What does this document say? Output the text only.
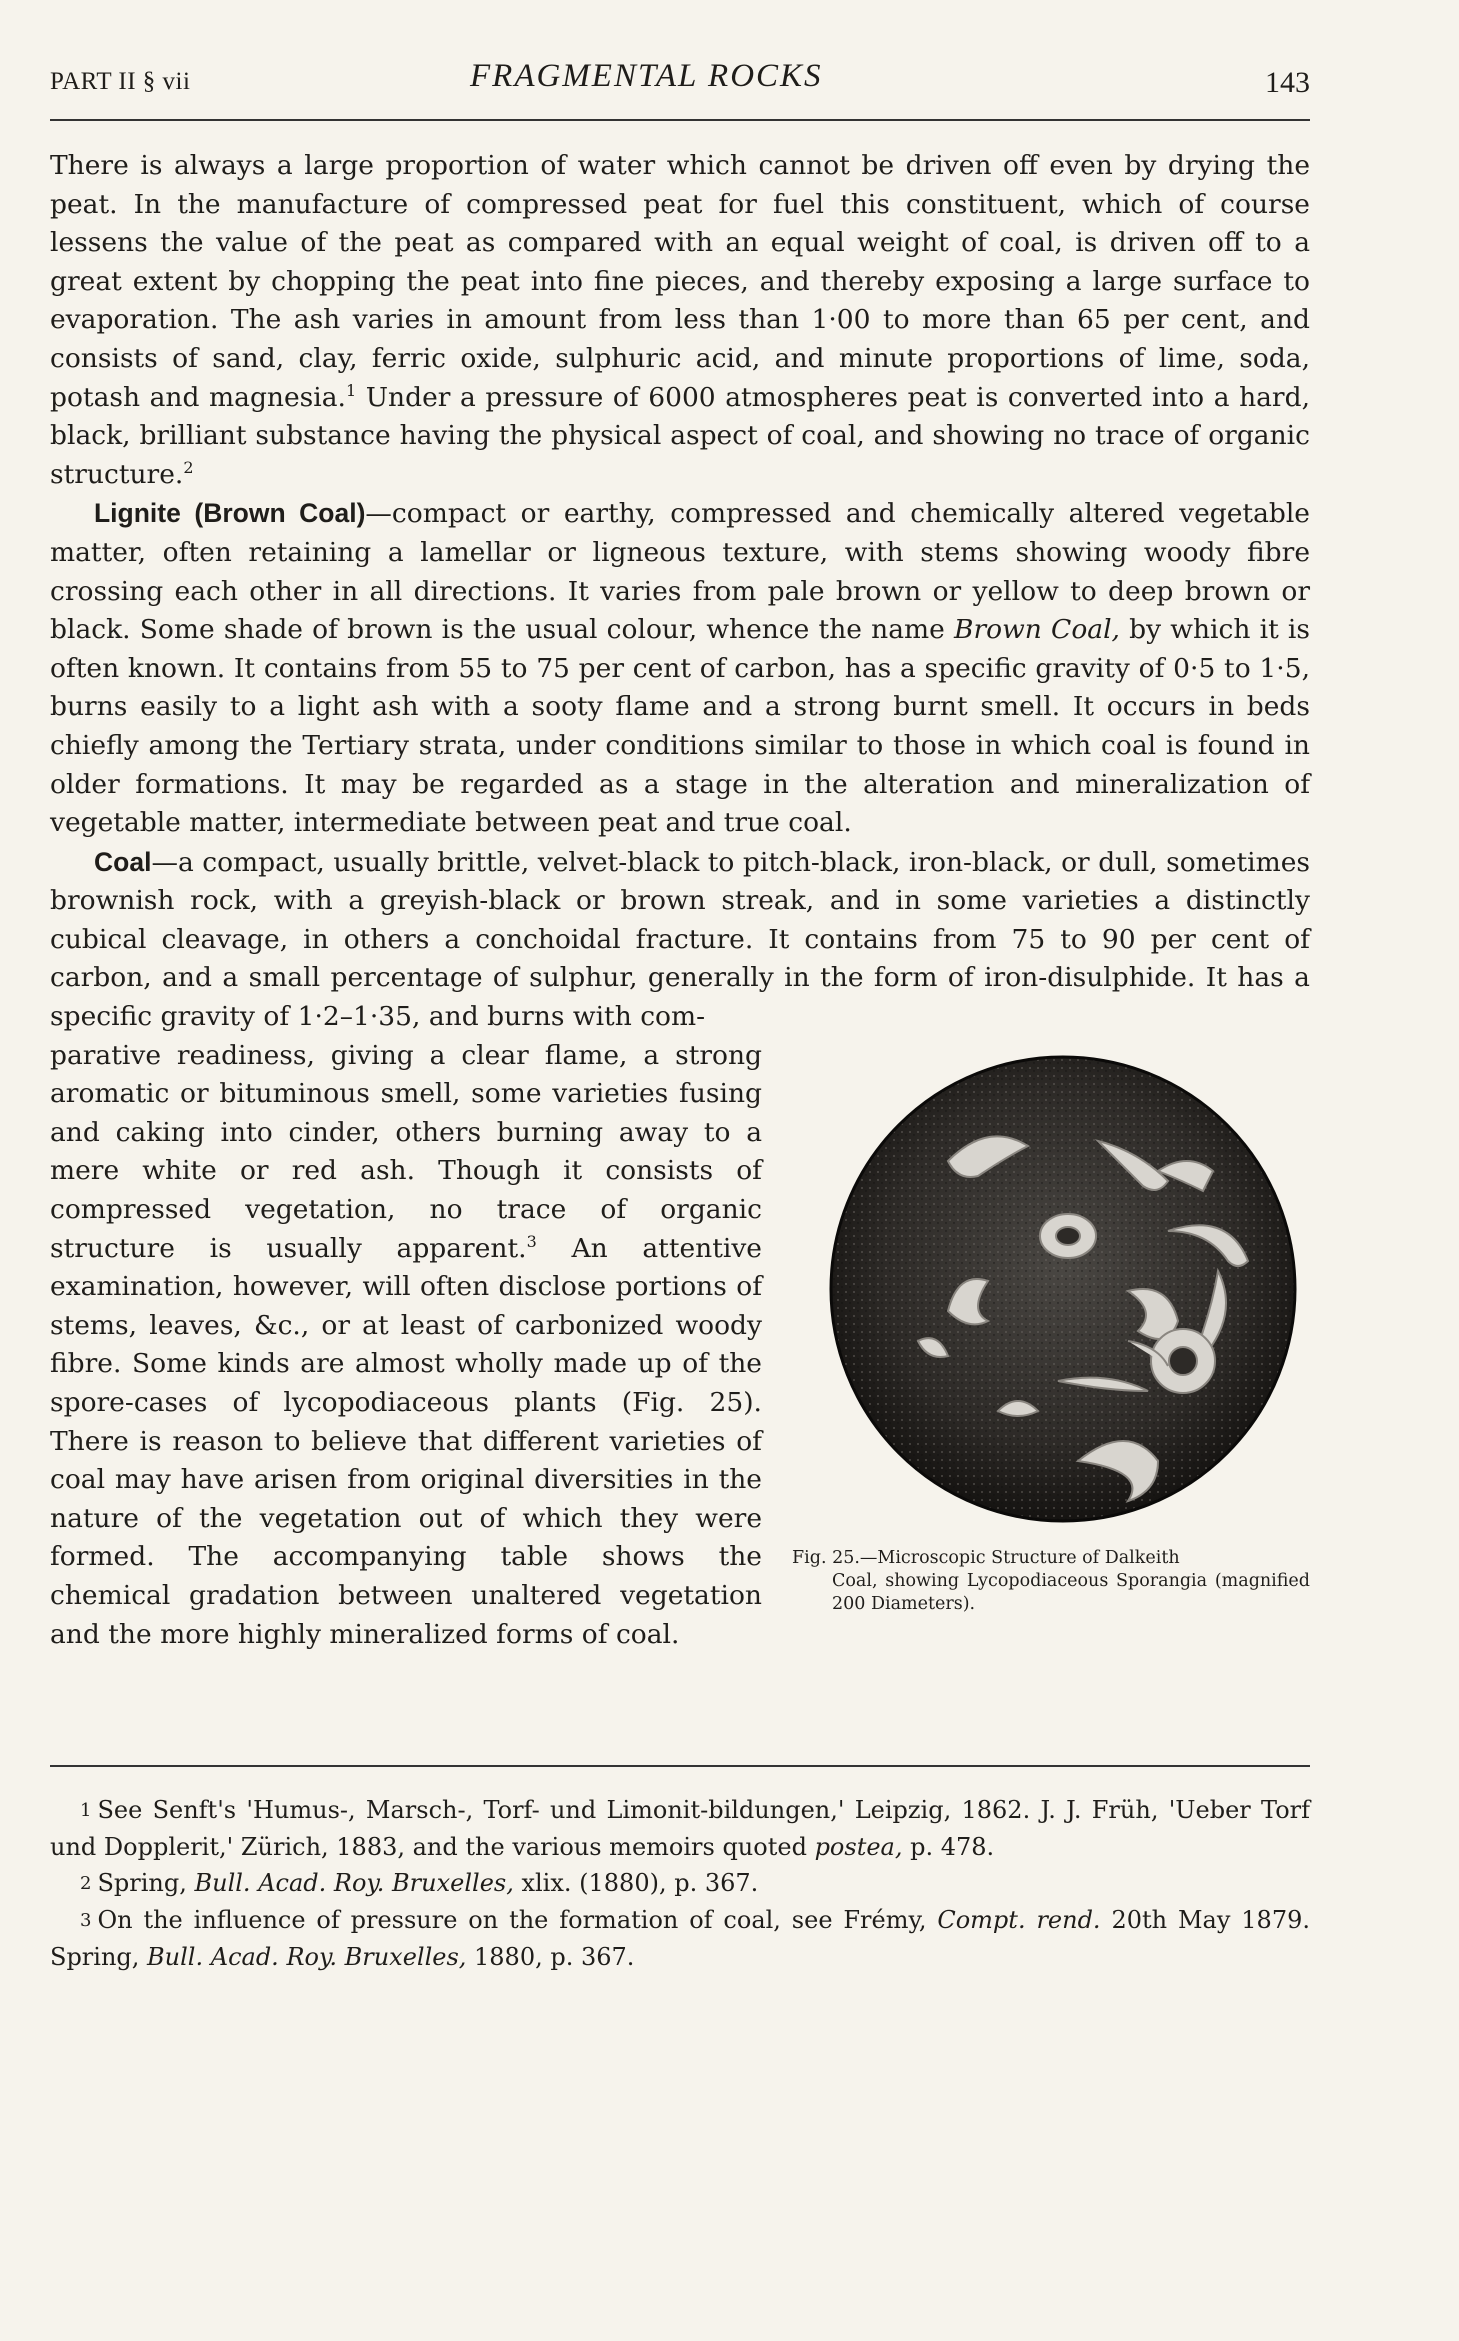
PART II § vii	FRAGMENTAL ROCKS	143

There is always a large proportion of water which cannot be driven off even by drying the peat. In the manufacture of compressed peat for fuel this constituent, which of course lessens the value of the peat as compared with an equal weight of coal, is driven off to a great extent by chopping the peat into fine pieces, and thereby exposing a large surface to evaporation. The ash varies in amount from less than 1·00 to more than 65 per cent, and consists of sand, clay, ferric oxide, sulphuric acid, and minute proportions of lime, soda, potash and magnesia.$^1$ Under a pressure of 6000 atmospheres peat is converted into a hard, black, brilliant substance having the physical aspect of coal, and showing no trace of organic structure.$^2$

Lignite (Brown Coal)—compact or earthy, compressed and chemically altered vegetable matter, often retaining a lamellar or ligneous texture, with stems showing woody fibre crossing each other in all directions. It varies from pale brown or yellow to deep brown or black. Some shade of brown is the usual colour, whence the name Brown Coal, by which it is often known. It contains from 55 to 75 per cent of carbon, has a specific gravity of 0·5 to 1·5, burns easily to a light ash with a sooty flame and a strong burnt smell. It occurs in beds chiefly among the Tertiary strata, under conditions similar to those in which coal is found in older formations. It may be regarded as a stage in the alteration and mineralization of vegetable matter, intermediate between peat and true coal.

Coal—a compact, usually brittle, velvet-black to pitch-black, iron-black, or dull, sometimes brownish rock, with a greyish-black or brown streak, and in some varieties a distinctly cubical cleavage, in others a conchoidal fracture. It contains from 75 to 90 per cent of carbon, and a small percentage of sulphur, generally in the form of iron-disulphide. It has a specific gravity of 1·2–1·35, and burns with com-

parative readiness, giving a clear flame, a strong aromatic or bituminous smell, some varieties fusing and caking into cinder, others burning away to a mere white or red ash. Though it consists of compressed vegetation, no trace of organic structure is usually apparent.$^3$ An attentive examination, however, will often disclose portions of stems, leaves, &c., or at least of carbonized woody fibre. Some kinds are almost wholly made up of the spore-cases of lycopodiaceous plants (Fig. 25). There is reason to believe that different varieties of coal may have arisen from original diversities in the nature of the vegetation out of which they were formed. The accompanying table shows the chemical gradation between unaltered vegetation and the more highly mineralized forms of coal.
Fig. 25.—Microscopic Structure of Dalkeith
Coal, showing Lycopodiaceous Sporangia (magnified 200 Diameters).

1 See Senft's 'Humus-, Marsch-, Torf- und Limonit-bildungen,' Leipzig, 1862. J. J. Früh, 'Ueber Torf und Dopplerit,' Zürich, 1883, and the various memoirs quoted postea, p. 478.

2 Spring, Bull. Acad. Roy. Bruxelles, xlix. (1880), p. 367.

3 On the influence of pressure on the formation of coal, see Frémy, Compt. rend. 20th May 1879. Spring, Bull. Acad. Roy. Bruxelles, 1880, p. 367.
